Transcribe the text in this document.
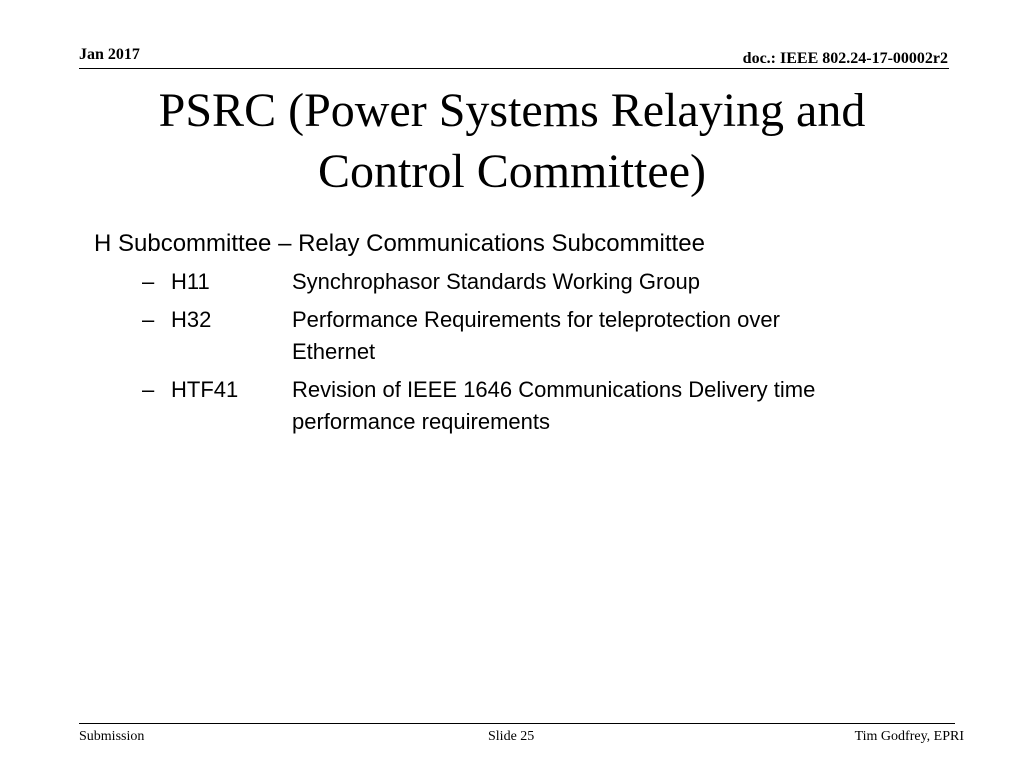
Jan 2017	doc.: IEEE 802.24-17-00002r2
PSRC (Power Systems Relaying and Control Committee)

H Subcommittee – Relay Communications Subcommittee

– H11	Synchrophasor Standards Working Group
– H32	Performance Requirements for teleprotection over Ethernet
– HTF41 Revision of IEEE 1646 Communications Delivery time performance requirements
Submission	Slide 25	Tim Godfrey, EPRI
